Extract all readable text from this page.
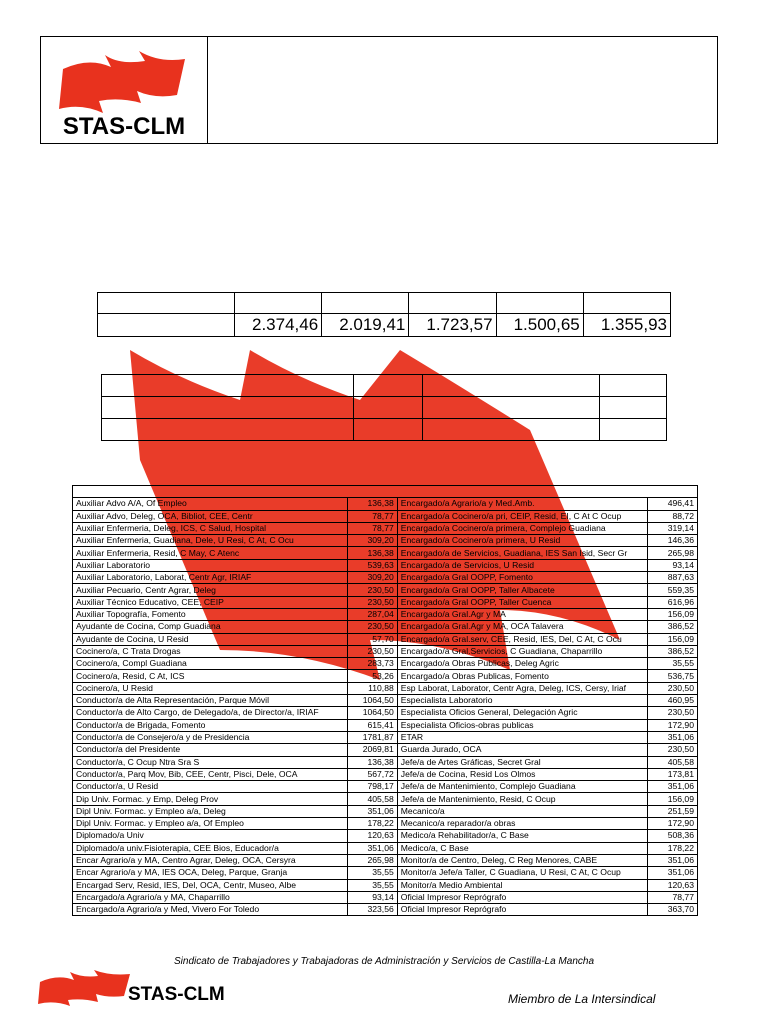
STAS-CLM

	2.374,46	2.019,41	1.723,57	1.500,65	1.355,93

Auxiliar Advo A/A, Of Empleo	136,38	Encargado/a Agrario/a y Med.Amb.	496,41
Auxiliar Advo, Deleg, OCA, Bibliot, CEE, Centr	78,77	Encargado/a Cocinero/a pri, CEIP, Resid, EI, C At C Ocup	88,72
Auxiliar Enfermeria, Deleg, ICS, C Salud, Hospital	78,77	Encargado/a Cocinero/a primera, Complejo Guadiana	319,14
Auxiliar Enfermeria, Guadiana, Dele, U Resi, C At, C Ocu	309,20	Encargado/a Cocinero/a primera, U Resid	146,36
Auxiliar Enfermeria, Resid, C May, C Atenc	136,38	Encargado/a de Servicios, Guadiana, IES San Isid, Secr Gr	265,98
Auxiliar Laboratorio	539,63	Encargado/a de Servicios, U Resid	93,14
Auxiliar Laboratorio, Laborat, Centr Agr, IRIAF	309,20	Encargado/a Gral OOPP, Fomento	887,63
Auxiliar Pecuario, Centr Agrar, Deleg	230,50	Encargado/a Gral OOPP, Taller Albacete	559,35
Auxiliar Técnico Educativo, CEE, CEIP	230,50	Encargado/a Gral OOPP, Taller Cuenca	616,96
Auxiliar Topografía, Fomento	287,04	Encargado/a Gral.Agr y MA	156,09
Ayudante de Cocina, Comp Guadiana	230,50	Encargado/a Gral.Agr y MA, OCA Talavera	386,52
Ayudante de Cocina, U Resid	57,70	Encargado/a Gral.serv, CEE, Resid, IES, Del, C At, C Ocu	156,09
Cocinero/a, C Trata Drogas	230,50	Encargado/a Gral.Servicios, C Guadiana, Chaparrillo	386,52
Cocinero/a, Compl Guadiana	283,73	Encargado/a Obras Publicas, Deleg Agric	35,55
Cocinero/a, Resid, C At, ICS	53,26	Encargado/a Obras Publicas, Fomento	536,75
Cocinero/a, U Resid	110,88	Esp Laborat, Laborator, Centr Agra, Deleg, ICS, Cersy, Iriaf	230,50
Conductor/a de Alta Representación, Parque Móvil	1064,50	Especialista Laboratorio	460,95
Conductor/a de Alto Cargo, de Delegado/a, de Director/a, IRIAF	1064,50	Especialista Oficios General, Delegación Agric	230,50
Conductor/a de Brigada, Fomento	615,41	Especialista Oficios-obras publicas	172,90
Conductor/a de Consejero/a y de Presidencia	1781,87	ETAR	351,06
Conductor/a del Presidente	2069,81	Guarda Jurado, OCA	230,50
Conductor/a, C Ocup Ntra Sra S	136,38	Jefe/a de Artes Gráficas, Secret Gral	405,58
Conductor/a, Parq Mov, Bib, CEE, Centr, Pisci, Dele, OCA	567,72	Jefe/a de Cocina, Resid Los Olmos	173,81
Conductor/a, U Resid	798,17	Jefe/a de Mantenimiento, Complejo Guadiana	351,06
Dip Univ. Formac. y Emp, Deleg Prov	405,58	Jefe/a de Mantenimiento, Resid, C Ocup	156,09
Dipl Univ. Formac. y Empleo a/a, Deleg	351,06	Mecanico/a	251,59
Dipl Univ. Formac. y Empleo a/a, Of Empleo	178,22	Mecanico/a reparador/a obras	172,90
Diplomado/a Univ	120,63	Medico/a Rehabilitador/a, C Base	508,36
Diplomado/a univ.Fisioterapia, CEE Bios, Educador/a	351,06	Medico/a, C Base	178,22
Encar Agrario/a y MA, Centro Agrar, Deleg, OCA, Cersyra	265,98	Monitor/a de Centro, Deleg, C Reg Menores, CABE	351,06
Encar Agrario/a y MA, IES OCA, Deleg, Parque, Granja	35,55	Monitor/a Jefe/a Taller, C Guadiana, U Resi, C At, C Ocup	351,06
Encargad Serv, Resid, IES, Del, OCA, Centr, Museo, Albe	35,55	Monitor/a Medio Ambiental	120,63
Encargado/a Agrario/a y MA, Chaparrillo	93,14	Oficial Impresor Reprógrafo	78,77
Encargado/a Agrario/a y Med, Vivero For Toledo	323,56	Oficial Impresor Reprógrafo	363,70
Sindicato de Trabajadores y Trabajadoras de Administración y Servicios de Castilla-La Mancha
STAS-CLM	Miembro de La Intersindical
